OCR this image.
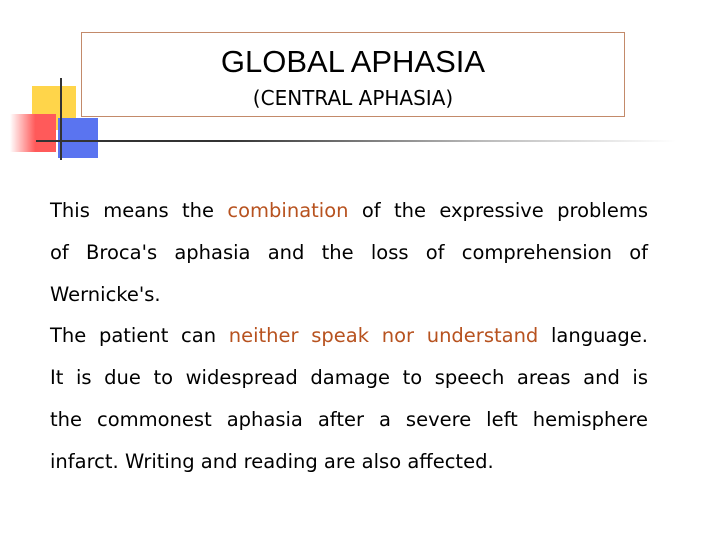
GLOBAL APHASIA
(CENTRAL APHASIA)

This means the combination of the expressive problems

of Broca's aphasia and the loss of comprehension of

Wernicke's.

The patient can neither speak nor understand language.

It is due to widespread damage to speech areas and is

the commonest aphasia after a severe left hemisphere

infarct. Writing and reading are also affected.
